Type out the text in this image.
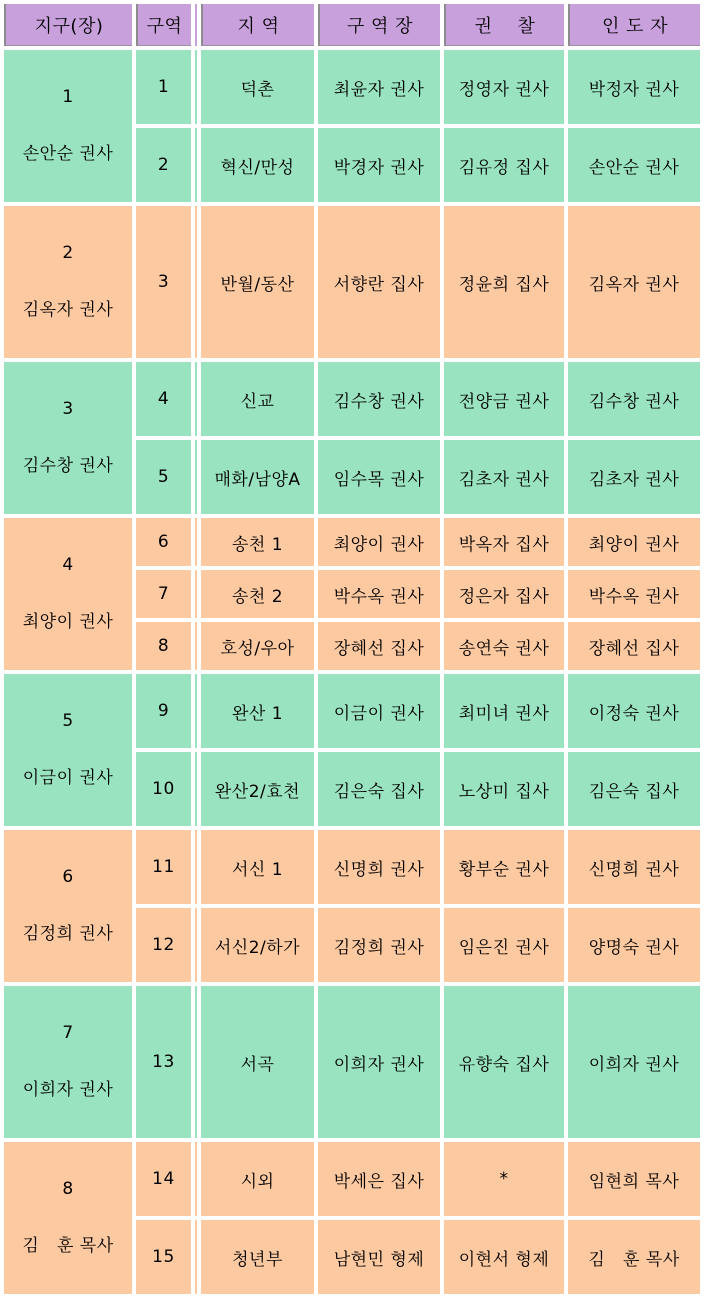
지구(장)	구역		지 역	구 역 장	권    찰	인 도 자

1

손안순 권사	1		덕촌	최윤자 권사	정영자 권사	박정자 권사
	2		혁신/만성	박경자 권사	김유정 집사	손안순 권사

2

김옥자 권사	3		반월/동산	서향란 집사	정윤희 집사	김옥자 권사

3

김수창 권사	4		신교	김수창 권사	전양금 권사	김수창 권사
	5		매화/남양A	임수목 권사	김초자 권사	김초자 권사

4

최양이 권사	6		송천 1	최양이 권사	박옥자 집사	최양이 권사
	7		송천 2	박수옥 권사	정은자 집사	박수옥 권사
	8		호성/우아	장혜선 집사	송연숙 권사	장혜선 집사

5

이금이 권사	9		완산 1	이금이 권사	최미녀 권사	이정숙 권사
	10		완산2/효천	김은숙 집사	노상미 집사	김은숙 집사

6

김정희 권사	11		서신 1	신명희 권사	황부순 권사	신명희 권사
	12		서신2/하가	김정희 권사	임은진 권사	양명숙 권사

7

이희자 권사	13		서곡	이희자 권사	유향숙 집사	이희자 권사

8

김   훈 목사	14		시외	박세은 집사	*	임현희 목사
	15		청년부	남현민 형제	이현서 형제	김   훈 목사
